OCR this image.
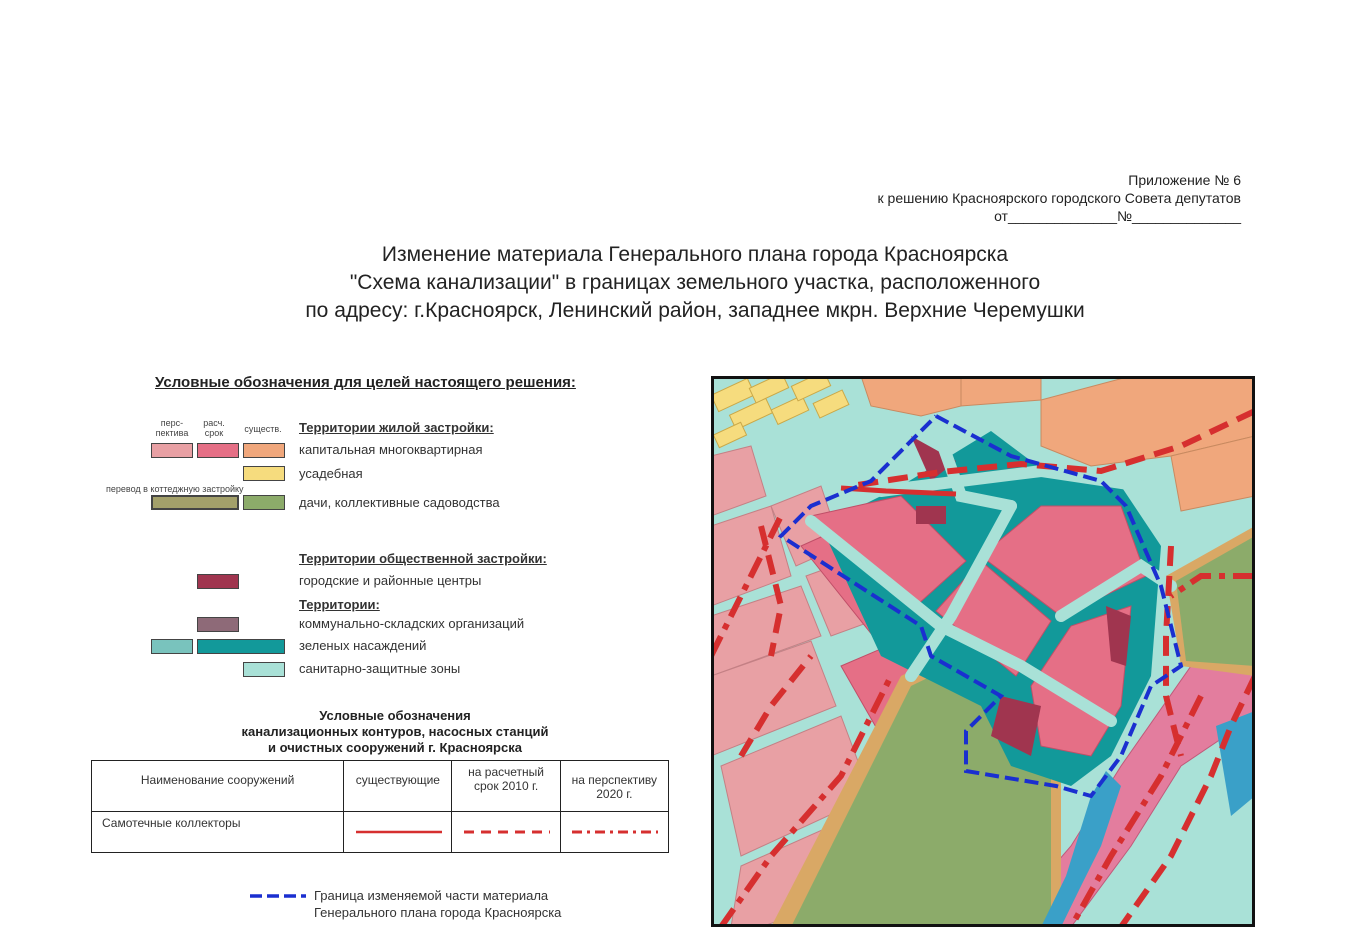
Приложение № 6
к решению Красноярского городского Совета депутатов
от______________№______________
Изменение материала Генерального плана города Красноярска
"Схема канализации" в границах земельного участка, расположенного
по адресу: г.Красноярск, Ленинский район, западнее мкрн. Верхние Черемушки
Условные обозначения для целей настоящего решения:
перс-
пектива
расч.
срок	существ.
перевод в коттеджную застройку
Территории жилой застройки:
капитальная многоквартирная
усадебная
дачи, коллективные садоводства
Территории общественной застройки:
городские и районные центры
Территории:
коммунально-складских организаций
зеленых насаждений
санитарно-защитные зоны
Условные обозначения
канализационных контуров, насосных станций
и очистных сооружений г. Красноярска
Наименование сооружений	существующие	на расчетный срок 2010 г.	на перспективу 2020 г.
Самотечные коллекторы			
Граница изменяемой части материала
Генерального плана города Красноярска
